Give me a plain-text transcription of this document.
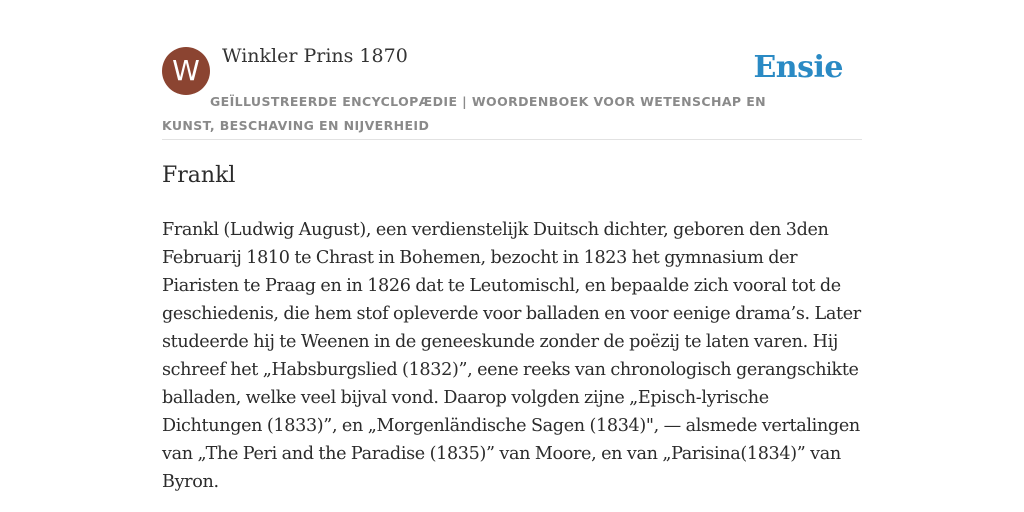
W	Winkler Prins 1870	Ensie
GEÏLLUSTREERDE ENCYCLOPÆDIE | WOORDENBOEK VOOR WETENSCHAP EN KUNST, BESCHAVING EN NIJVERHEID
Frankl

Frankl (Ludwig August), een verdienstelijk Duitsch dichter, geboren den 3den Februarij 1810 te Chrast in Bohemen, bezocht in 1823 het gymnasium der Piaristen te Praag en in 1826 dat te Leutomischl, en bepaalde zich vooral tot de geschiedenis, die hem stof opleverde voor balladen en voor eenige drama’s. Later studeerde hij te Weenen in de geneeskunde zonder de poëzij te laten varen. Hij schreef het „Habsburgslied (1832)”, eene reeks van chronologisch gerangschikte balladen, welke veel bijval vond. Daarop volgden zijne „Episch-lyrische Dichtungen (1833)”, en „Morgenländische Sagen (1834)", — alsmede vertalingen van „The Peri and the Paradise (1835)” van Moore, en van „Parisina(1834)” van Byron.
